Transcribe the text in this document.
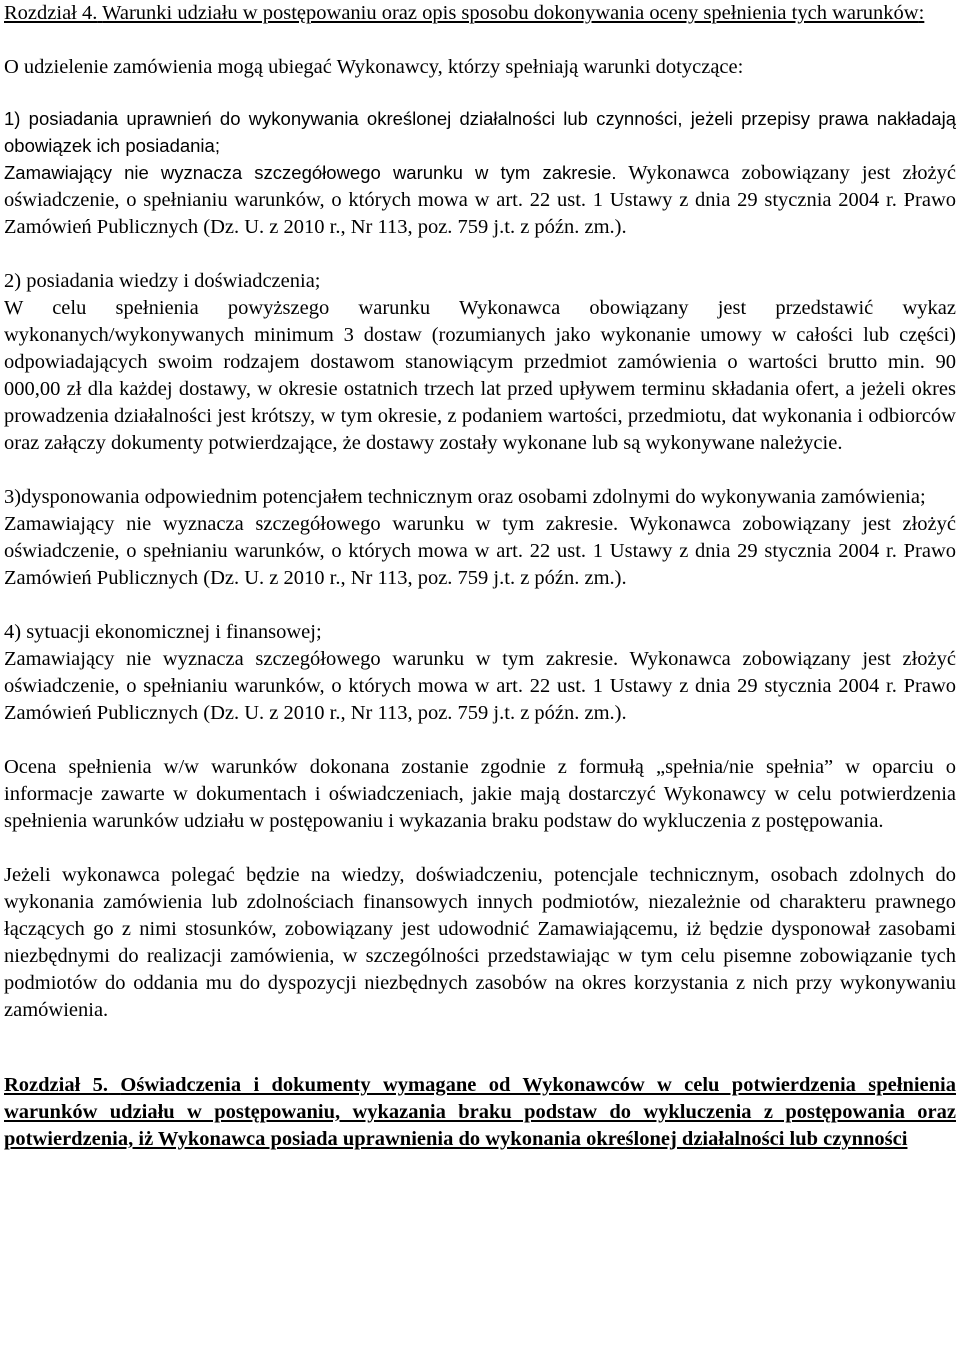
Rozdział 4. Warunki udziału w postępowaniu oraz opis sposobu dokonywania oceny spełnienia tych warunków:

O udzielenie zamówienia mogą ubiegać Wykonawcy, którzy spełniają warunki dotyczące:

1) posiadania uprawnień do wykonywania określonej działalności lub czynności, jeżeli przepisy prawa nakładają obowiązek ich posiadania;

Zamawiający nie wyznacza szczegółowego warunku w tym zakresie. Wykonawca zobowiązany jest złożyć oświadczenie, o spełnianiu warunków, o których mowa w art. 22 ust. 1 Ustawy z dnia 29 stycznia 2004 r. Prawo Zamówień Publicznych (Dz. U. z 2010 r., Nr 113, poz. 759 j.t. z późn. zm.).

2) posiadania wiedzy i doświadczenia;

W celu spełnienia powyższego warunku Wykonawca obowiązany jest przedstawić wykaz wykonanych/wykonywanych minimum 3 dostaw (rozumianych jako wykonanie umowy w całości lub części) odpowiadających swoim rodzajem dostawom stanowiącym przedmiot zamówienia o wartości brutto min. 90 000,00 zł dla każdej dostawy, w okresie ostatnich trzech lat przed upływem terminu składania ofert, a jeżeli okres prowadzenia działalności jest krótszy, w tym okresie, z podaniem wartości, przedmiotu, dat wykonania i odbiorców oraz załączy dokumenty potwierdzające, że dostawy zostały wykonane lub są wykonywane należycie.

3)dysponowania odpowiednim potencjałem technicznym oraz osobami zdolnymi do wykonywania zamówienia;

Zamawiający nie wyznacza szczegółowego warunku w tym zakresie. Wykonawca zobowiązany jest złożyć oświadczenie, o spełnianiu warunków, o których mowa w art. 22 ust. 1 Ustawy z dnia 29 stycznia 2004 r. Prawo Zamówień Publicznych (Dz. U. z 2010 r., Nr 113, poz. 759 j.t. z późn. zm.).

4) sytuacji ekonomicznej i finansowej;

Zamawiający nie wyznacza szczegółowego warunku w tym zakresie. Wykonawca zobowiązany jest złożyć oświadczenie, o spełnianiu warunków, o których mowa w art. 22 ust. 1 Ustawy z dnia 29 stycznia 2004 r. Prawo Zamówień Publicznych (Dz. U. z 2010 r., Nr 113, poz. 759 j.t. z późn. zm.).

Ocena spełnienia w/w warunków dokonana zostanie zgodnie z formułą „spełnia/nie spełnia” w oparciu o informacje zawarte w dokumentach i oświadczeniach, jakie mają dostarczyć Wykonawcy w celu potwierdzenia spełnienia warunków udziału w postępowaniu i wykazania braku podstaw do wykluczenia z postępowania.

Jeżeli wykonawca polegać będzie na wiedzy, doświadczeniu, potencjale technicznym, osobach zdolnych do wykonania zamówienia lub zdolnościach finansowych innych podmiotów, niezależnie od charakteru prawnego łączących go z nimi stosunków, zobowiązany jest udowodnić Zamawiającemu, iż będzie dysponował zasobami niezbędnymi do realizacji zamówienia, w szczególności przedstawiając w tym celu pisemne zobowiązanie tych podmiotów do oddania mu do dyspozycji niezbędnych zasobów na okres korzystania z nich przy wykonywaniu zamówienia.

Rozdział 5. Oświadczenia i dokumenty wymagane od Wykonawców w celu potwierdzenia spełnienia warunków udziału w postępowaniu, wykazania braku podstaw do wykluczenia z postępowania oraz potwierdzenia, iż Wykonawca posiada uprawnienia do wykonania określonej działalności lub czynności
